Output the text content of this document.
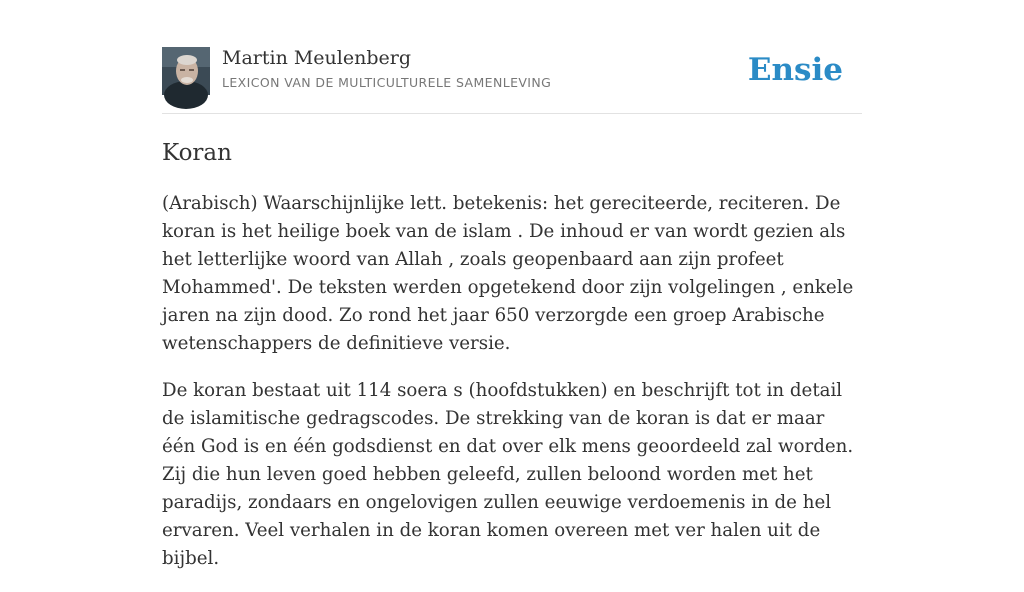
Martin Meulenberg
LEXICON VAN DE MULTICULTURELE SAMENLEVING	Ensie
Koran

(Arabisch) Waarschijnlijke lett. betekenis: het gereciteerde, reciteren. De koran is het heilige boek van de islam . De inhoud er van wordt gezien als het letterlijke woord van Allah , zoals geopenbaard aan zijn profeet Mohammed'. De teksten werden opgetekend door zijn volgelingen , enkele jaren na zijn dood. Zo rond het jaar 650 verzorgde een groep Arabische wetenschappers de definitieve versie.

De koran bestaat uit 114 soera s (hoofdstukken) en beschrijft tot in detail de islamitische gedragscodes. De strekking van de koran is dat er maar één God is en één godsdienst en dat over elk mens geoordeeld zal worden. Zij die hun leven goed hebben geleefd, zullen beloond worden met het paradijs, zondaars en ongelovigen zullen eeuwige verdoemenis in de hel ervaren. Veel verhalen in de koran komen overeen met ver halen uit de bijbel.
